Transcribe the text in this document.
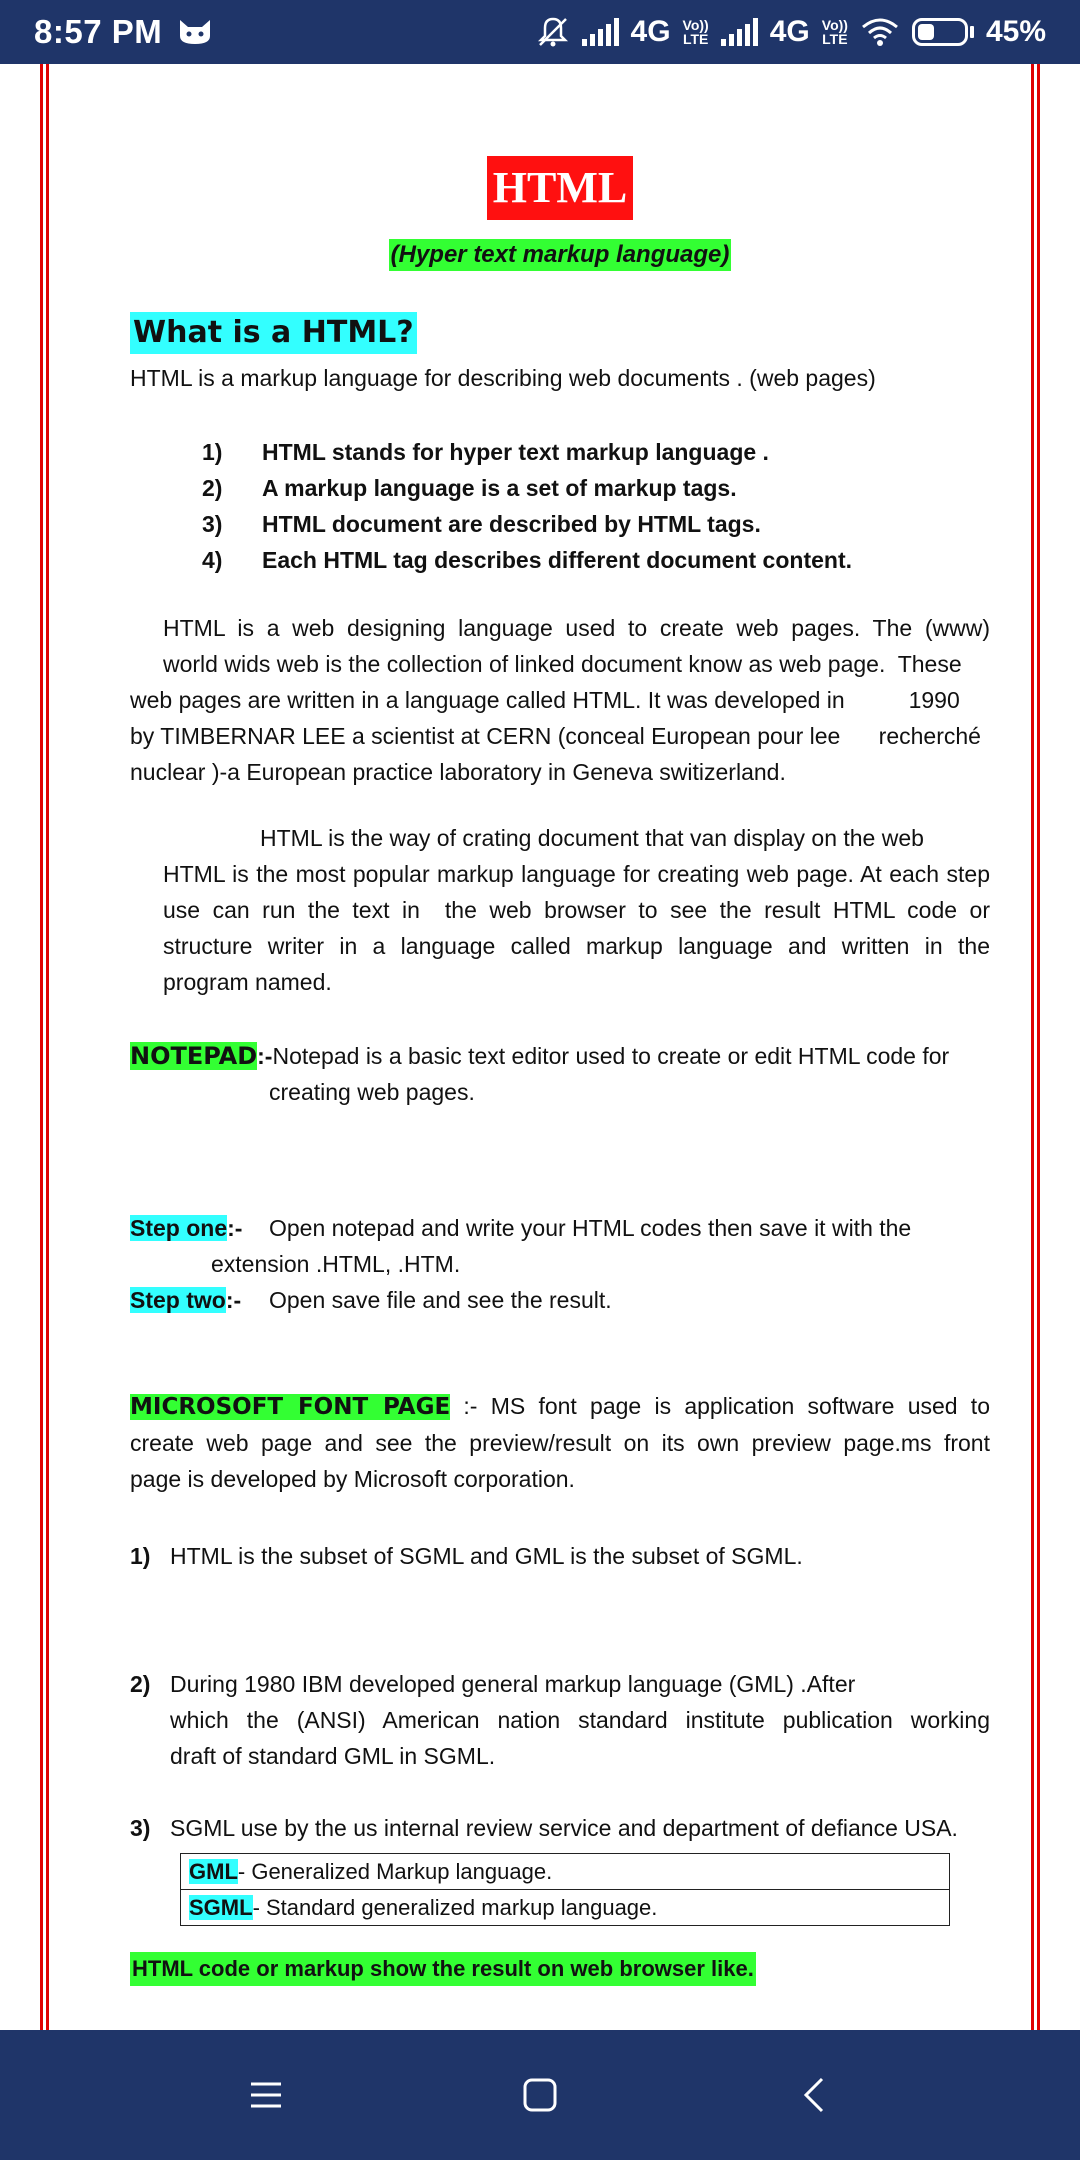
8:57 PM	4G Vo))
LTE 4G Vo))
LTE	45%
HTML
(Hyper text markup language)
What is a HTML?
HTML is a markup language for describing web documents . (web pages)
1)	HTML stands for hyper text markup language .
2)	A markup language is a set of markup tags.
3)	HTML document are described by HTML tags.
4)	Each HTML tag describes different document content.
HTML is a web designing language used to create web pages. The (www)
world wids web is the collection of linked document know as web page.  These
web pages are written in a language called HTML. It was developed in          1990
by TIMBERNAR LEE a scientist at CERN (conceal European pour lee      recherché
nuclear )-a European practice laboratory in Geneva switizerland.
HTML is the way of crating document that van display on the web
HTML is the most popular markup language for creating web page. At each step
use can run the text in  the web browser to see the result HTML code or
structure writer in a language called markup language and written in the
program named.
NOTEPAD:-Notepad is a basic text editor used to create or edit HTML code for
creating web pages.
Step one:-	Open notepad and write your HTML codes then save it with the
extension .HTML, .HTM.
Step two:-	Open save file and see the result.
MICROSOFT FONT PAGE :- MS font page is application software used to
create web page and see the preview/result on its own preview page.ms front
page is developed by Microsoft corporation.
1) HTML is the subset of SGML and GML is the subset of SGML.
2) During 1980 IBM developed general markup language (GML) .After
which the (ANSI) American nation standard institute publication working
draft of standard GML in SGML.
3) SGML use by the us internal review service and department of defiance USA.
GML- Generalized Markup language.
SGML- Standard generalized markup language.
HTML code or markup show the result on web browser like.
